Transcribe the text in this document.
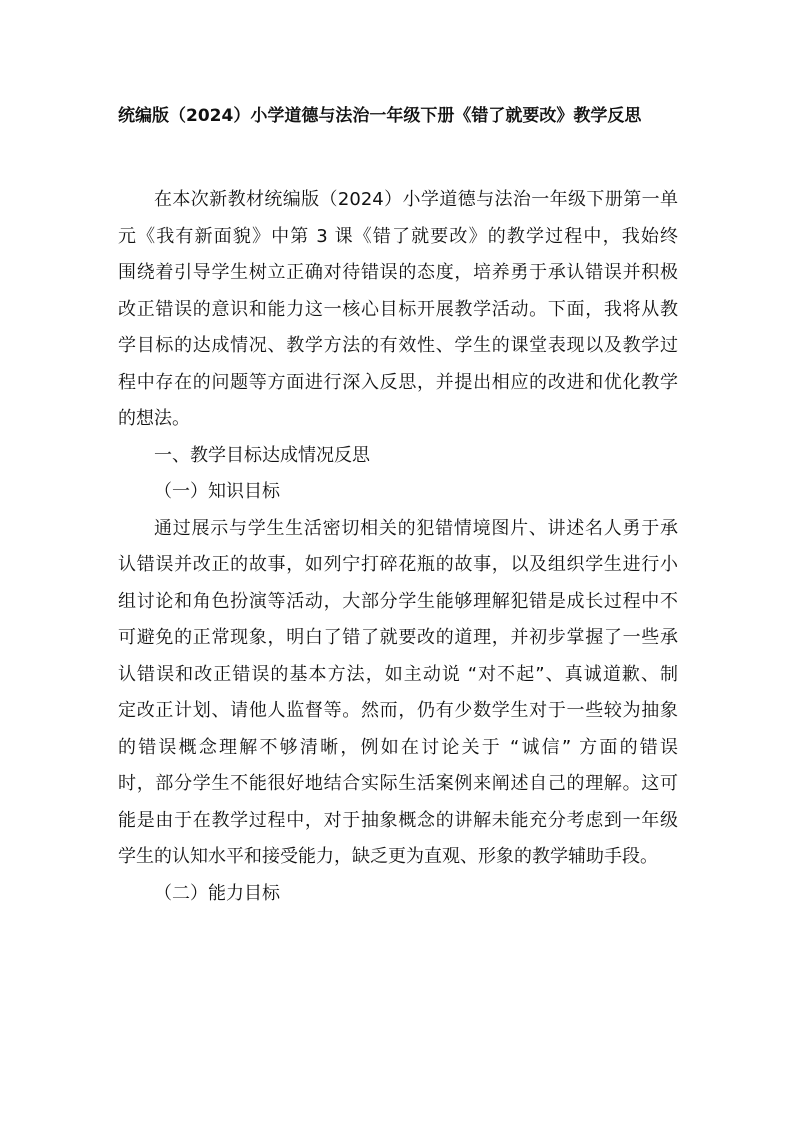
统编版（2024）小学道德与法治一年级下册《错了就要改》教学反思
在本次新教材统编版（2024）小学道德与法治一年级下册第一单
元《我有新面貌》中第 3 课《错了就要改》的教学过程中，我始终
围绕着引导学生树立正确对待错误的态度，培养勇于承认错误并积极
改正错误的意识和能力这一核心目标开展教学活动。下面，我将从教
学目标的达成情况、教学方法的有效性、学生的课堂表现以及教学过
程中存在的问题等方面进行深入反思，并提出相应的改进和优化教学
的想法。
一、教学目标达成情况反思
（一）知识目标
通过展示与学生生活密切相关的犯错情境图片、讲述名人勇于承
认错误并改正的故事，如列宁打碎花瓶的故事，以及组织学生进行小
组讨论和角色扮演等活动，大部分学生能够理解犯错是成长过程中不
可避免的正常现象，明白了错了就要改的道理，并初步掌握了一些承
认错误和改正错误的基本方法，如主动说 “对不起”、真诚道歉、制
定改正计划、请他人监督等。然而，仍有少数学生对于一些较为抽象
的错误概念理解不够清晰，例如在讨论关于 “诚信” 方面的错误
时，部分学生不能很好地结合实际生活案例来阐述自己的理解。这可
能是由于在教学过程中，对于抽象概念的讲解未能充分考虑到一年级
学生的认知水平和接受能力，缺乏更为直观、形象的教学辅助手段。
（二）能力目标
